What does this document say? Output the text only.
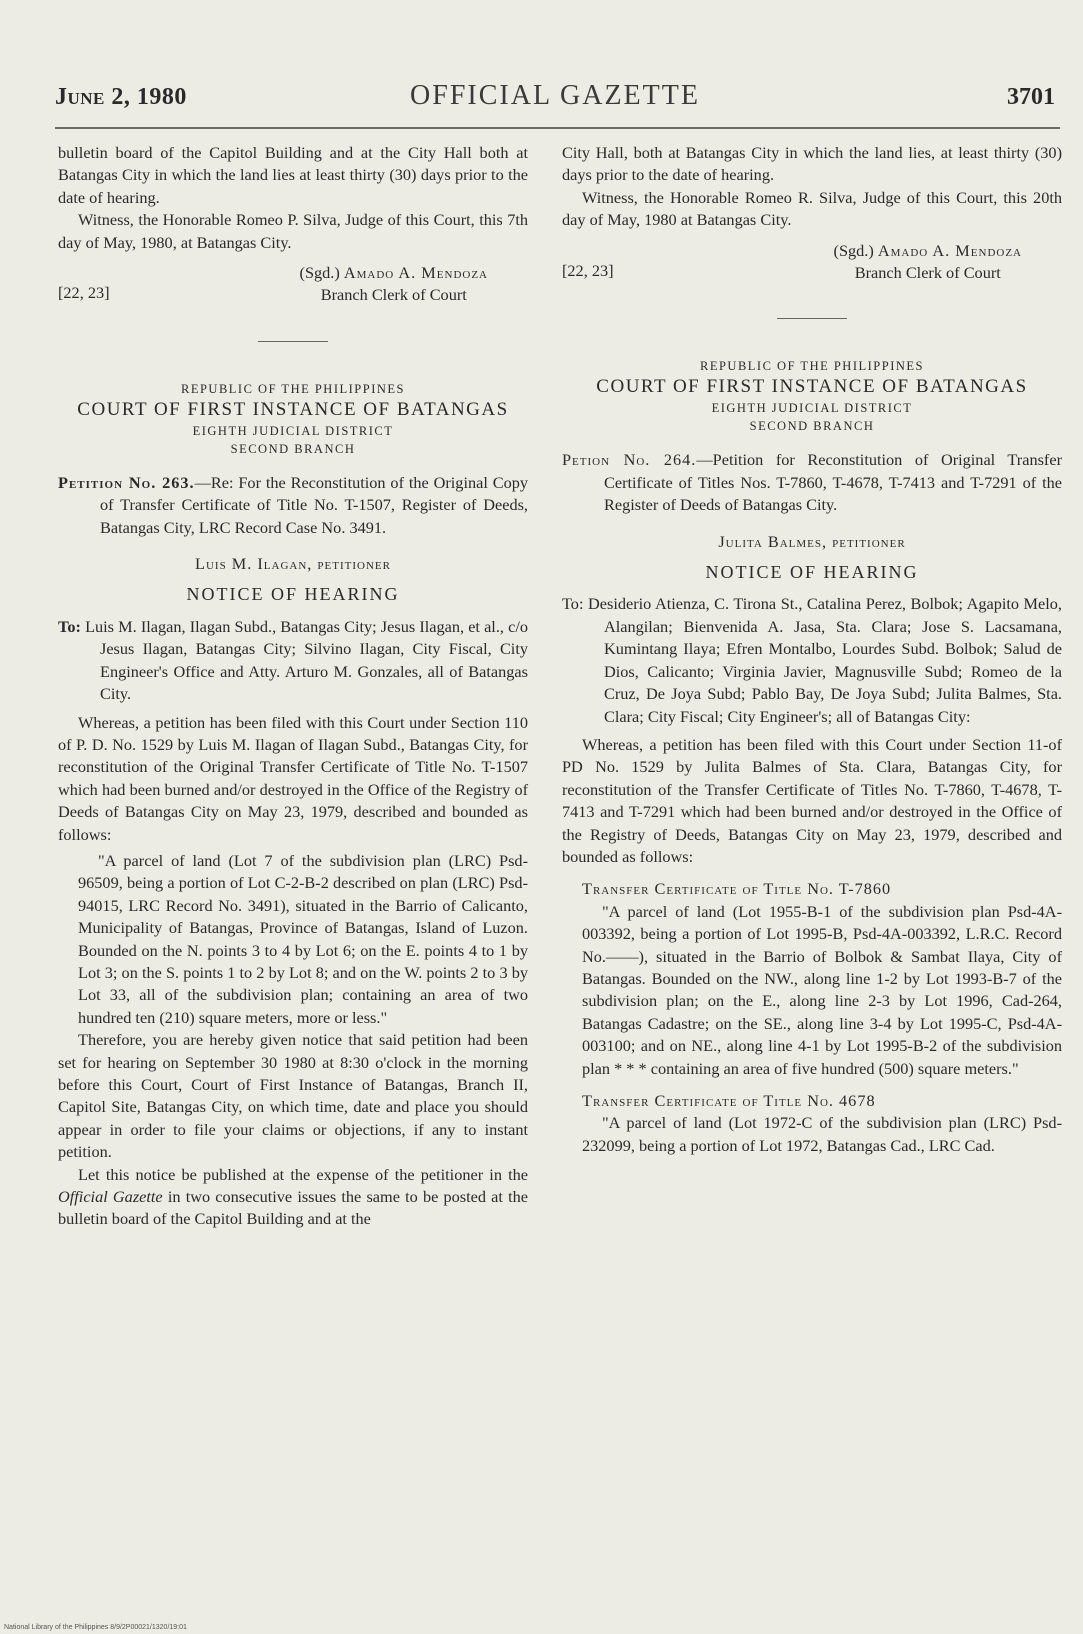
June 2, 1980	OFFICIAL GAZETTE	3701

bulletin board of the Capitol Building and at the City Hall both at Batangas City in which the land lies at least thirty (30) days prior to the date of hearing.

Witness, the Honorable Romeo P. Silva, Judge of this Court, this 7th day of May, 1980, at Batangas City.

[22, 23]
(Sgd.) Amado A. Mendoza
Branch Clerk of Court
REPUBLIC OF THE PHILIPPINES
COURT OF FIRST INSTANCE OF BATANGAS
EIGHTH JUDICIAL DISTRICT
SECOND BRANCH

Petition No. 263.—Re: For the Reconstitution of the Original Copy of Transfer Certificate of Title No. T-1507, Register of Deeds, Batangas City, LRC Record Case No. 3491.

Luis M. Ilagan, petitioner
NOTICE OF HEARING

To: Luis M. Ilagan, Ilagan Subd., Batangas City; Jesus Ilagan, et al., c/o Jesus Ilagan, Batangas City; Silvino Ilagan, City Fiscal, City Engineer's Office and Atty. Arturo M. Gonzales, all of Batangas City.

Whereas, a petition has been filed with this Court under Section 110 of P. D. No. 1529 by Luis M. Ilagan of Ilagan Subd., Batangas City, for reconstitution of the Original Transfer Certificate of Title No. T-1507 which had been burned and/or destroyed in the Office of the Registry of Deeds of Batangas City on May 23, 1979, described and bounded as follows:

"A parcel of land (Lot 7 of the subdivision plan (LRC) Psd-96509, being a portion of Lot C-2-B-2 described on plan (LRC) Psd-94015, LRC Record No. 3491), situated in the Barrio of Calicanto, Municipality of Batangas, Province of Batangas, Island of Luzon. Bounded on the N. points 3 to 4 by Lot 6; on the E. points 4 to 1 by Lot 3; on the S. points 1 to 2 by Lot 8; and on the W. points 2 to 3 by Lot 33, all of the subdivision plan; containing an area of two hundred ten (210) square meters, more or less."

Therefore, you are hereby given notice that said petition had been set for hearing on September 30 1980 at 8:30 o'clock in the morning before this Court, Court of First Instance of Batangas, Branch II, Capitol Site, Batangas City, on which time, date and place you should appear in order to file your claims or objections, if any to instant petition.

Let this notice be published at the expense of the petitioner in the Official Gazette in two consecutive issues the same to be posted at the bulletin board of the Capitol Building and at the

City Hall, both at Batangas City in which the land lies, at least thirty (30) days prior to the date of hearing.

Witness, the Honorable Romeo R. Silva, Judge of this Court, this 20th day of May, 1980 at Batangas City.

[22, 23]
(Sgd.) Amado A. Mendoza
Branch Clerk of Court
REPUBLIC OF THE PHILIPPINES
COURT OF FIRST INSTANCE OF BATANGAS
EIGHTH JUDICIAL DISTRICT
SECOND BRANCH

Petion No. 264.—Petition for Reconstitution of Original Transfer Certificate of Titles Nos. T-7860, T-4678, T-7413 and T-7291 of the Register of Deeds of Batangas City.

Julita Balmes, petitioner
NOTICE OF HEARING

To: Desiderio Atienza, C. Tirona St., Catalina Perez, Bolbok; Agapito Melo, Alangilan; Bienvenida A. Jasa, Sta. Clara; Jose S. Lacsamana, Kumintang Ilaya; Efren Montalbo, Lourdes Subd. Bolbok; Salud de Dios, Calicanto; Virginia Javier, Magnusville Subd; Romeo de la Cruz, De Joya Subd; Pablo Bay, De Joya Subd; Julita Balmes, Sta. Clara; City Fiscal; City Engineer's; all of Batangas City:

Whereas, a petition has been filed with this Court under Section 11-of PD No. 1529 by Julita Balmes of Sta. Clara, Batangas City, for reconstitution of the Transfer Certificate of Titles No. T-7860, T-4678, T-7413 and T-7291 which had been burned and/or destroyed in the Office of the Registry of Deeds, Batangas City on May 23, 1979, described and bounded as follows:

Transfer Certificate of Title No. T-7860

"A parcel of land (Lot 1955-B-1 of the subdivision plan Psd-4A-003392, being a portion of Lot 1995-B, Psd-4A-003392, L.R.C. Record No.——), situated in the Barrio of Bolbok & Sambat Ilaya, City of Batangas. Bounded on the NW., along line 1-2 by Lot 1993-B-7 of the subdivision plan; on the E., along line 2-3 by Lot 1996, Cad-264, Batangas Cadastre; on the SE., along line 3-4 by Lot 1995-C, Psd-4A-003100; and on NE., along line 4-1 by Lot 1995-B-2 of the subdivision plan * * * containing an area of five hundred (500) square meters."

Transfer Certificate of Title No. 4678

"A parcel of land (Lot 1972-C of the subdivision plan (LRC) Psd-232099, being a portion of Lot 1972, Batangas Cad., LRC Cad.

National Library of the Philippines 8/9/2P00021/1320/19:01
